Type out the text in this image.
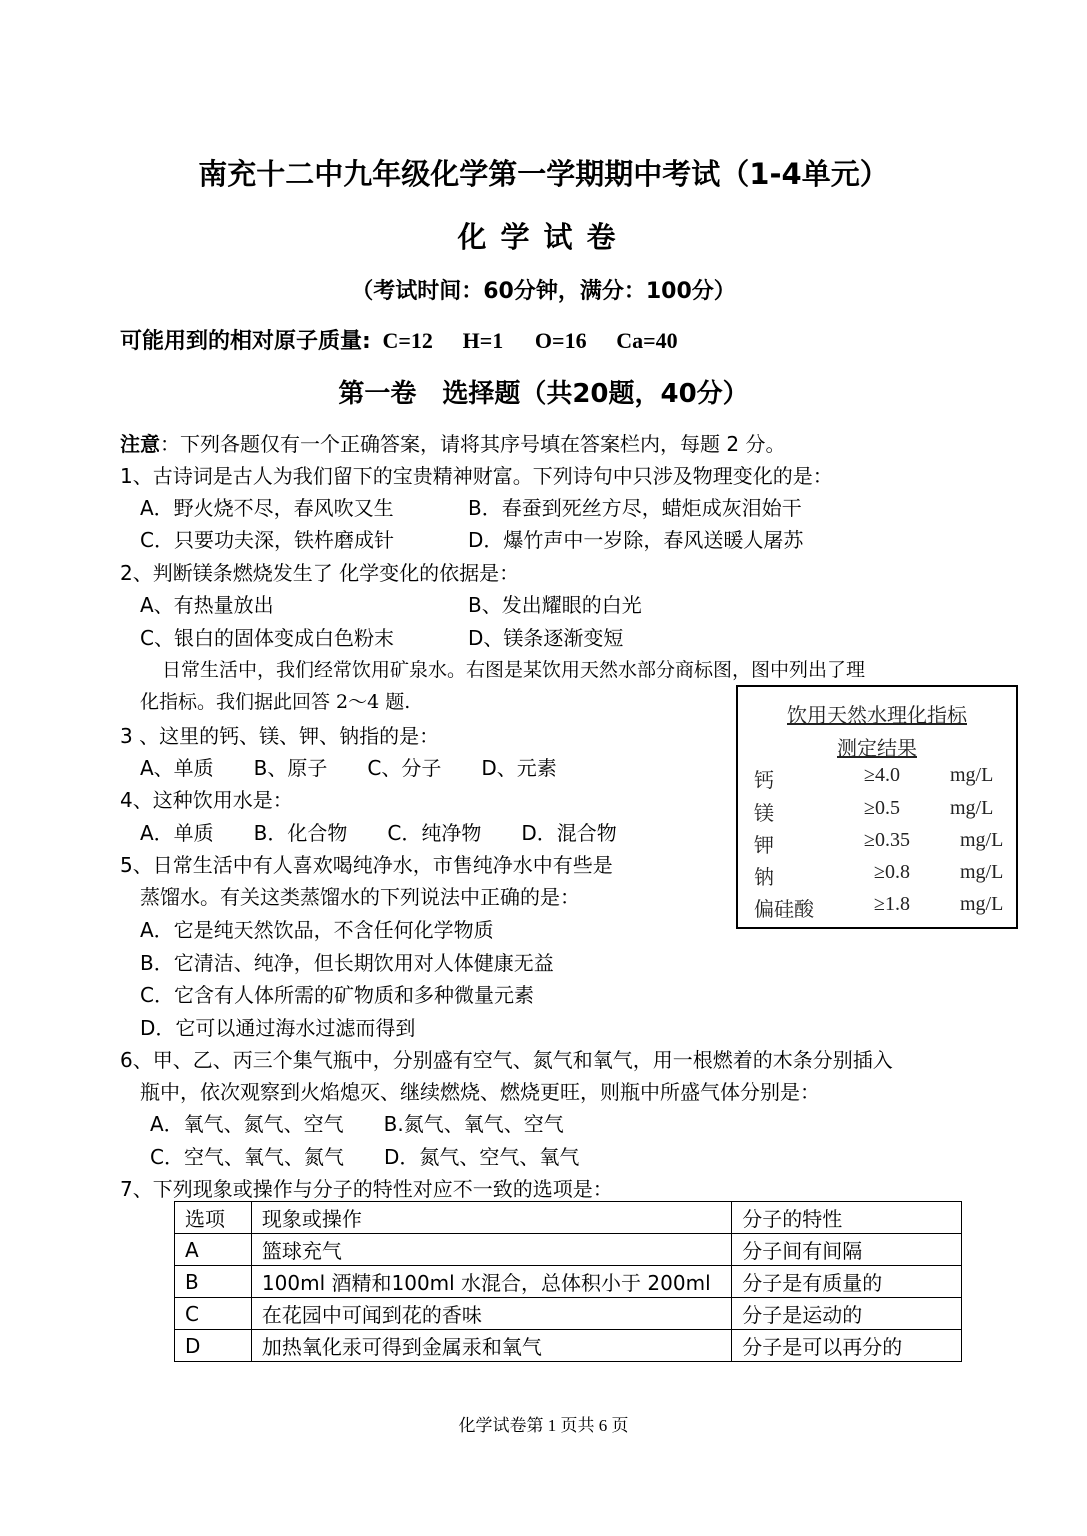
南充十二中九年级化学第一学期期中考试（1-4单元）
化学试卷
（考试时间：60分钟，满分：100分）
可能用到的相对原子质量: C=12 H=1 O=16 Ca=40
第一卷　选择题（共20题，40分）
注意：下列各题仅有一个正确答案，请将其序号填在答案栏内，每题 2 分。
1、古诗词是古人为我们留下的宝贵精神财富。下列诗句中只涉及物理变化的是：
A．野火烧不尽，春风吹又生	B．春蚕到死丝方尽，蜡炬成灰泪始干
C．只要功夫深，铁杵磨成针	D．爆竹声中一岁除，春风送暖人屠苏
2、判断镁条燃烧发生了 化学变化的依据是：
A、有热量放出	B、发出耀眼的白光
C、银白的固体变成白色粉末	D、镁条逐渐变短
日常生活中，我们经常饮用矿泉水。右图是某饮用天然水部分商标图，图中列出了理
化指标。我们据此回答 2～4 题.
饮用天然水理化指标
测定结果
钙	≥4.0	mg/L
镁	≥0.5	mg/L
钾	≥0.35	mg/L
钠	≥0.8	mg/L
偏硅酸	≥1.8	mg/L
3 、这里的钙、镁、钾、钠指的是：
A、单质　　B、原子　　C、分子　　D、元素
4、这种饮用水是：
A．单质　　B．化合物　　C．纯净物　　D．混合物
5、日常生活中有人喜欢喝纯净水，市售纯净水中有些是
蒸馏水。有关这类蒸馏水的下列说法中正确的是：
A．它是纯天然饮品，不含任何化学物质
B．它清洁、纯净，但长期饮用对人体健康无益
C．它含有人体所需的矿物质和多种微量元素
D．它可以通过海水过滤而得到
6、甲、乙、丙三个集气瓶中，分别盛有空气、氮气和氧气，用一根燃着的木条分别插入
瓶中，依次观察到火焰熄灭、继续燃烧、燃烧更旺，则瓶中所盛气体分别是：
A．氧气、氮气、空气　　B.氮气、氧气、空气
C．空气、氧气、氮气　　D．氮气、空气、氧气
7、下列现象或操作与分子的特性对应不一致的选项是：
选项	现象或操作	分子的特性
A	篮球充气	分子间有间隔
B	100ml 酒精和100ml 水混合，总体积小于 200ml	分子是有质量的
C	在花园中可闻到花的香味	分子是运动的
D	加热氧化汞可得到金属汞和氧气	分子是可以再分的
化学试卷第 1 页共 6 页
